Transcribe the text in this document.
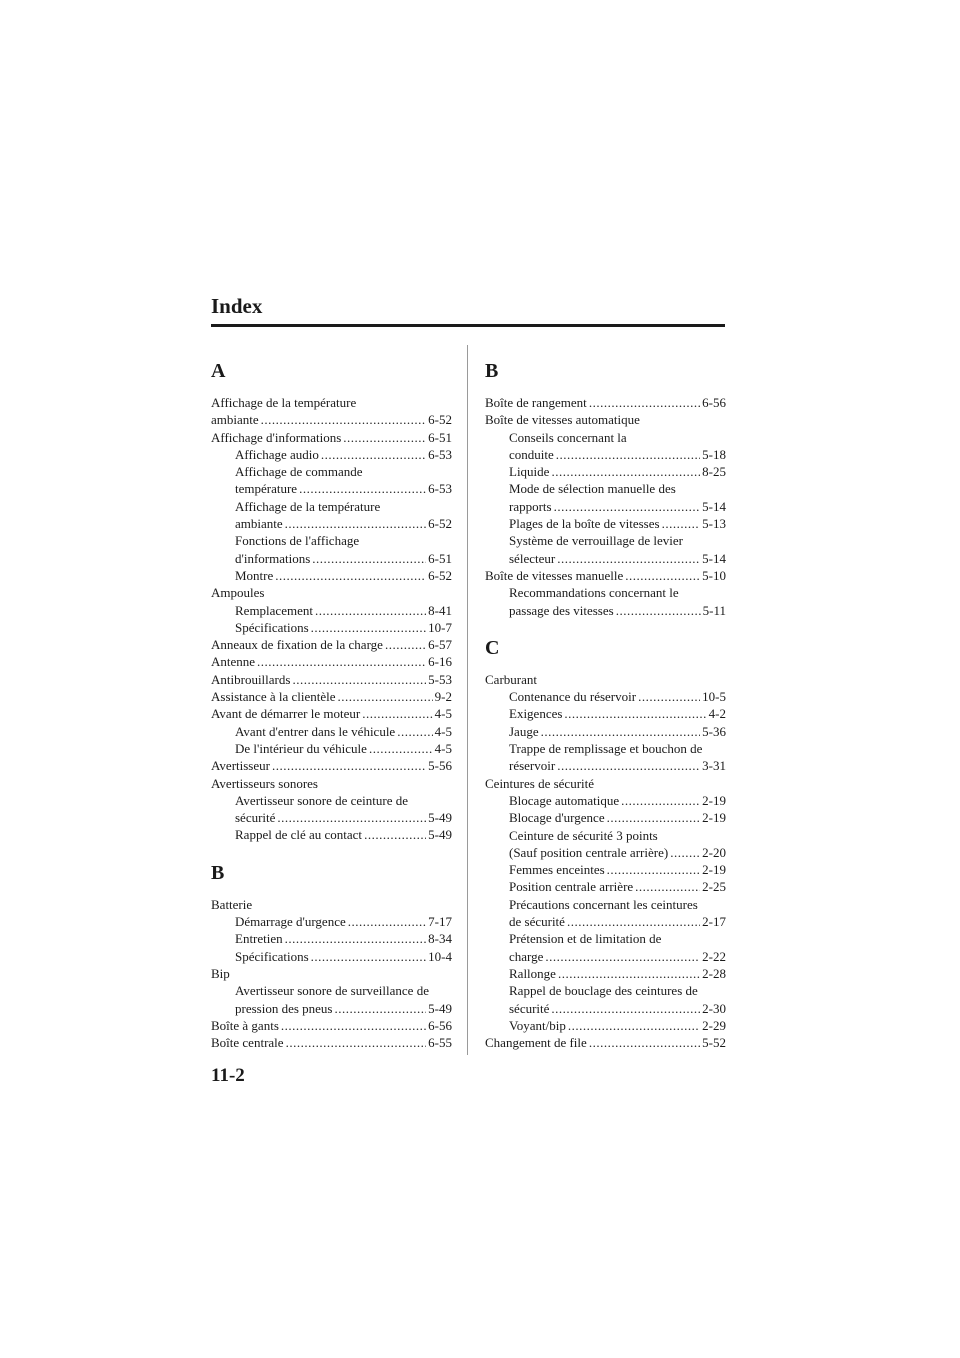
Index
A
Affichage de la température
ambiante .....	6-52
Affichage d'informations .....	6-51
Affichage audio .....	6-53
Affichage de commande
température .....	6-53
Affichage de la température
ambiante .....	6-52
Fonctions de l'affichage
d'informations .....	6-51
Montre .....	6-52
Ampoules
Remplacement .....	8-41
Spécifications .....	10-7
Anneaux de fixation de la charge .....	6-57
Antenne .....	6-16
Antibrouillards .....	5-53
Assistance à la clientèle .....	9-2
Avant de démarrer le moteur .....	4-5
Avant d'entrer dans le véhicule .....	4-5
De l'intérieur du véhicule .....	4-5
Avertisseur .....	5-56
Avertisseurs sonores
Avertisseur sonore de ceinture de
sécurité .....	5-49
Rappel de clé au contact .....	5-49
B
Batterie
Démarrage d'urgence .....	7-17
Entretien .....	8-34
Spécifications .....	10-4
Bip
Avertisseur sonore de surveillance de
pression des pneus .....	5-49
Boîte à gants .....	6-56
Boîte centrale .....	6-55
B
Boîte de rangement .....	6-56
Boîte de vitesses automatique
Conseils concernant la
conduite .....	5-18
Liquide .....	8-25
Mode de sélection manuelle des
rapports .....	5-14
Plages de la boîte de vitesses .....	5-13
Système de verrouillage de levier
sélecteur .....	5-14
Boîte de vitesses manuelle .....	5-10
Recommandations concernant le
passage des vitesses .....	5-11
C
Carburant
Contenance du réservoir .....	10-5
Exigences .....	4-2
Jauge .....	5-36
Trappe de remplissage et bouchon de
réservoir .....	3-31
Ceintures de sécurité
Blocage automatique .....	2-19
Blocage d'urgence .....	2-19
Ceinture de sécurité 3 points
(Sauf position centrale arrière) .....	2-20
Femmes enceintes .....	2-19
Position centrale arrière .....	2-25
Précautions concernant les ceintures
de sécurité .....	2-17
Prétension et de limitation de
charge .....	2-22
Rallonge .....	2-28
Rappel de bouclage des ceintures de
sécurité .....	2-30
Voyant/bip .....	2-29
Changement de file .....	5-52
11-2
